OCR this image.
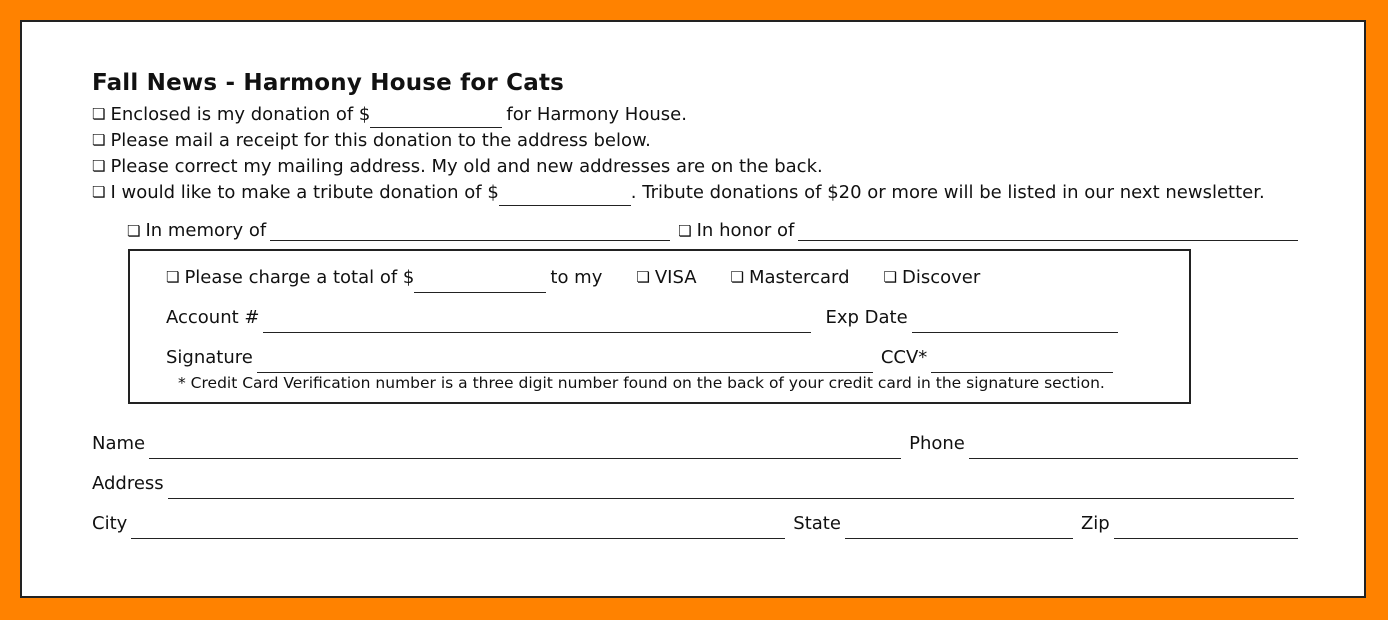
Fall News - Harmony House for Cats
❏ Enclosed is my donation of $	for Harmony House.
❏ Please mail a receipt for this donation to the address below.
❏ Please correct my mailing address. My old and new addresses are on the back.
❏ I would like to make a tribute donation of $	. Tribute donations of $20 or more will be listed in our next newsletter.
❏ In memory of	❏ In honor of
❏ Please charge a total of $	to my ❏ VISA ❏ Mastercard ❏ Discover
Account #	Exp Date
Signature	CCV*
* Credit Card Verification number is a three digit number found on the back of your credit card in the signature section.
Name	Phone
Address
City	State	Zip
